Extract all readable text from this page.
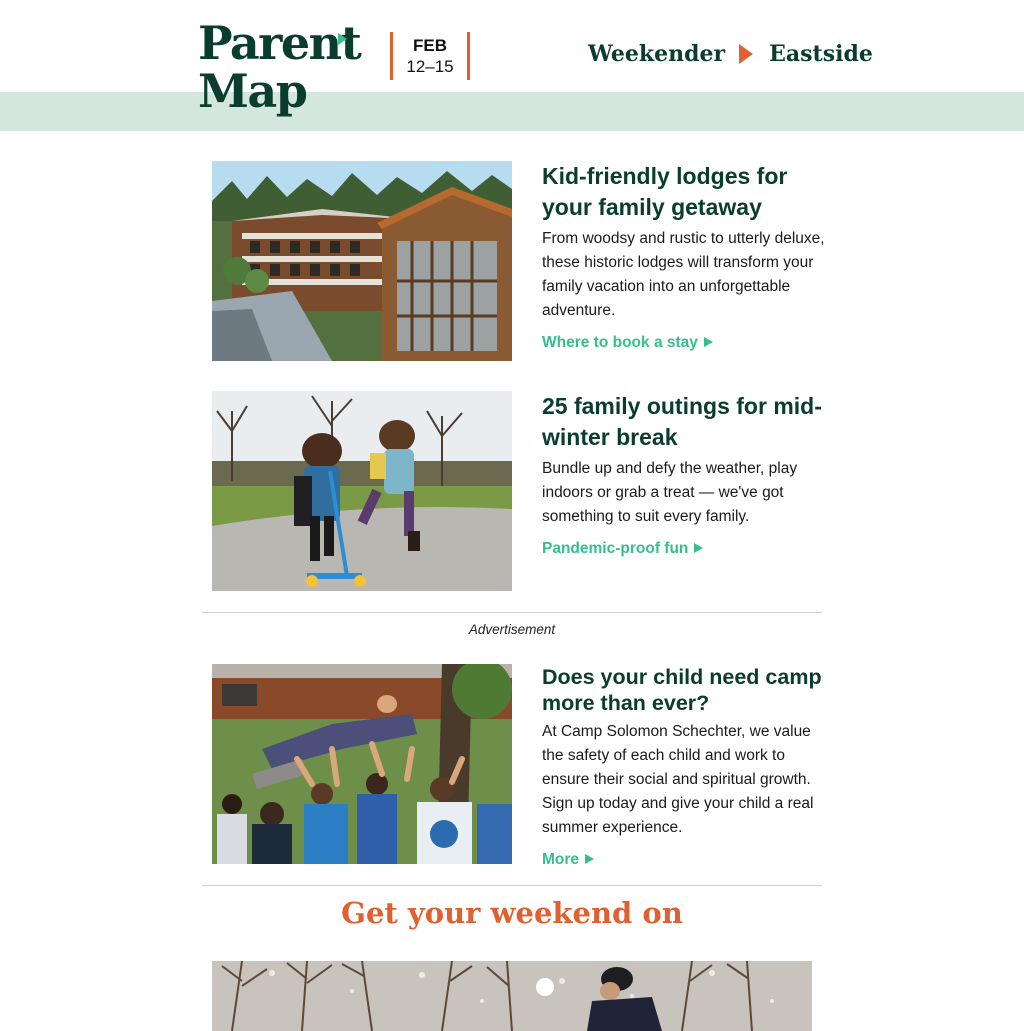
Parent
Map
FEB
12–15	Weekender Eastside
Kid-friendly lodges for your family getaway

From woodsy and rustic to utterly deluxe, these historic lodges will transform your family vacation into an unforgettable adventure.

Where to book a stay
25 family outings for mid-winter break

Bundle up and defy the weather, play indoors or grab a treat — we've got something to suit every family.

Pandemic-proof fun
Advertisement
Does your child need camp more than ever?

At Camp Solomon Schechter, we value the safety of each child and work to ensure their social and spiritual growth. Sign up today and give your child a real summer experience.

More
Get your weekend on
